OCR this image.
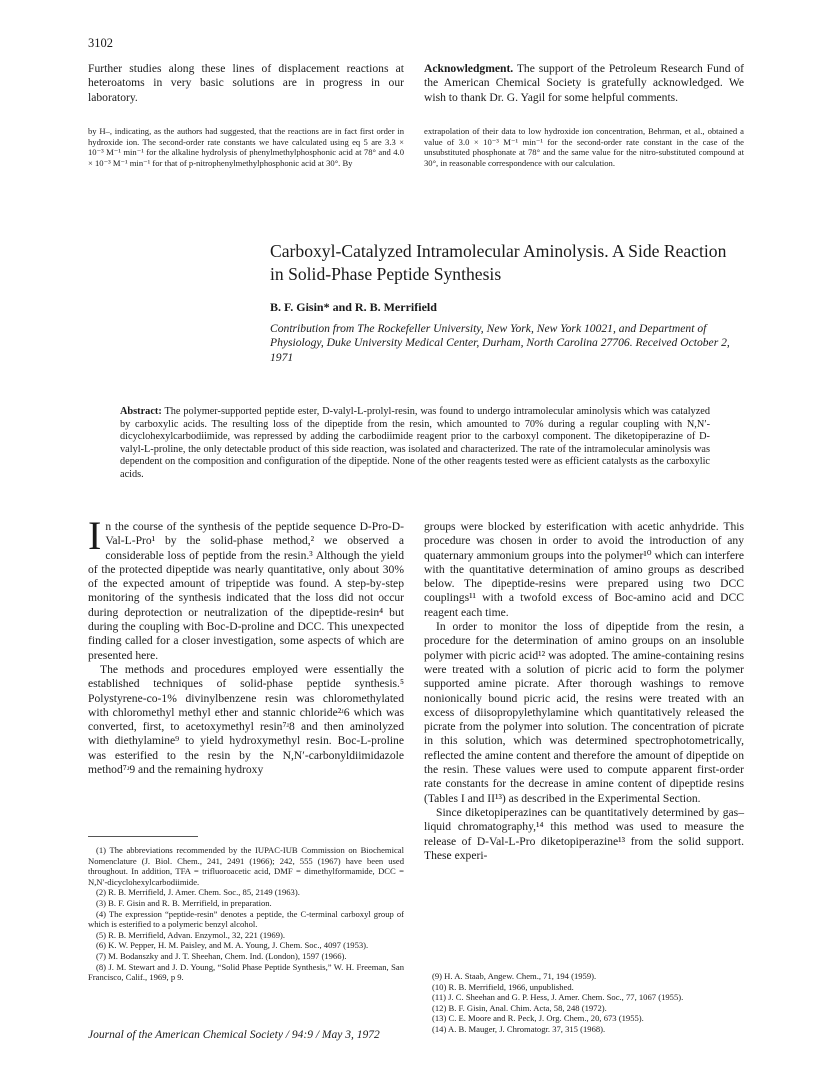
3102

Further studies along these lines of displacement reactions at heteroatoms in very basic solutions are in progress in our laboratory.

Acknowledgment. The support of the Petroleum Research Fund of the American Chemical Society is gratefully acknowledged. We wish to thank Dr. G. Yagil for some helpful comments.

by H–, indicating, as the authors had suggested, that the reactions are in fact first order in hydroxide ion. The second-order rate constants we have calculated using eq 5 are 3.3 × 10⁻³ M⁻¹ min⁻¹ for the alkaline hydrolysis of phenylmethylphosphonic acid at 78° and 4.0 × 10⁻³ M⁻¹ min⁻¹ for that of p-nitrophenylmethylphosphonic acid at 30°. By

extrapolation of their data to low hydroxide ion concentration, Behrman, et al., obtained a value of 3.0 × 10⁻³ M⁻¹ min⁻¹ for the second-order rate constant in the case of the unsubstituted phosphonate at 78° and the same value for the nitro-substituted compound at 30°, in reasonable correspondence with our calculation.

Carboxyl-Catalyzed Intramolecular Aminolysis. A Side Reaction in Solid-Phase Peptide Synthesis

B. F. Gisin* and R. B. Merrifield

Contribution from The Rockefeller University, New York, New York 10021, and Department of Physiology, Duke University Medical Center, Durham, North Carolina 27706. Received October 2, 1971

Abstract: The polymer-supported peptide ester, D-valyl-L-prolyl-resin, was found to undergo intramolecular aminolysis which was catalyzed by carboxylic acids. The resulting loss of the dipeptide from the resin, which amounted to 70% during a regular coupling with N,N′-dicyclohexylcarbodiimide, was repressed by adding the carbodiimide reagent prior to the carboxyl component. The diketopiperazine of D-valyl-L-proline, the only detectable product of this side reaction, was isolated and characterized. The rate of the intramolecular aminolysis was dependent on the composition and configuration of the dipeptide. None of the other reagents tested were as efficient catalysts as the carboxylic acids.

In the course of the synthesis of the peptide sequence D-Pro-D-Val-L-Pro¹ by the solid-phase method,² we observed a considerable loss of peptide from the resin.³ Although the yield of the protected dipeptide was nearly quantitative, only about 30% of the expected amount of tripeptide was found. A step-by-step monitoring of the synthesis indicated that the loss did not occur during deprotection or neutralization of the dipeptide-resin⁴ but during the coupling with Boc-D-proline and DCC. This unexpected finding called for a closer investigation, some aspects of which are presented here.

The methods and procedures employed were essentially the established techniques of solid-phase peptide synthesis.⁵ Polystyrene-co-1% divinylbenzene resin was chloromethylated with chloromethyl methyl ether and stannic chloride²ʴ6 which was converted, first, to acetoxymethyl resin⁷ʴ8 and then aminolyzed with diethylamine⁹ to yield hydroxymethyl resin. Boc-L-proline was esterified to the resin by the N,N′-carbonyldiimidazole method⁷ʴ9 and the remaining hydroxy

(1) The abbreviations recommended by the IUPAC-IUB Commission on Biochemical Nomenclature (J. Biol. Chem., 241, 2491 (1966); 242, 555 (1967) have been used throughout. In addition, TFA = trifluoroacetic acid, DMF = dimethylformamide, DCC = N,N′-dicyclohexylcarbodiimide.

(2) R. B. Merrifield, J. Amer. Chem. Soc., 85, 2149 (1963).

(3) B. F. Gisin and R. B. Merrifield, in preparation.

(4) The expression “peptide-resin” denotes a peptide, the C-terminal carboxyl group of which is esterified to a polymeric benzyl alcohol.

(5) R. B. Merrifield, Advan. Enzymol., 32, 221 (1969).

(6) K. W. Pepper, H. M. Paisley, and M. A. Young, J. Chem. Soc., 4097 (1953).

(7) M. Bodanszky and J. T. Sheehan, Chem. Ind. (London), 1597 (1966).

(8) J. M. Stewart and J. D. Young, “Solid Phase Peptide Synthesis,” W. H. Freeman, San Francisco, Calif., 1969, p 9.

groups were blocked by esterification with acetic anhydride. This procedure was chosen in order to avoid the introduction of any quaternary ammonium groups into the polymer¹⁰ which can interfere with the quantitative determination of amino groups as described below. The dipeptide-resins were prepared using two DCC couplings¹¹ with a twofold excess of Boc-amino acid and DCC reagent each time.

In order to monitor the loss of dipeptide from the resin, a procedure for the determination of amino groups on an insoluble polymer with picric acid¹² was adopted. The amine-containing resins were treated with a solution of picric acid to form the polymer supported amine picrate. After thorough washings to remove nonionically bound picric acid, the resins were treated with an excess of diisopropylethylamine which quantitatively released the picrate from the polymer into solution. The concentration of picrate in this solution, which was determined spectrophotometrically, reflected the amine content and therefore the amount of dipeptide on the resin. These values were used to compute apparent first-order rate constants for the decrease in amine content of dipeptide resins (Tables I and II¹³) as described in the Experimental Section.

Since diketopiperazines can be quantitatively determined by gas–liquid chromatography,¹⁴ this method was used to measure the release of D-Val-L-Pro diketopiperazine¹³ from the solid support. These experi-

(9) H. A. Staab, Angew. Chem., 71, 194 (1959).

(10) R. B. Merrifield, 1966, unpublished.

(11) J. C. Sheehan and G. P. Hess, J. Amer. Chem. Soc., 77, 1067 (1955).

(12) B. F. Gisin, Anal. Chim. Acta, 58, 248 (1972).

(13) C. E. Moore and R. Peck, J. Org. Chem., 20, 673 (1955).

(14) A. B. Mauger, J. Chromatogr. 37, 315 (1968).

Journal of the American Chemical Society / 94:9 / May 3, 1972
